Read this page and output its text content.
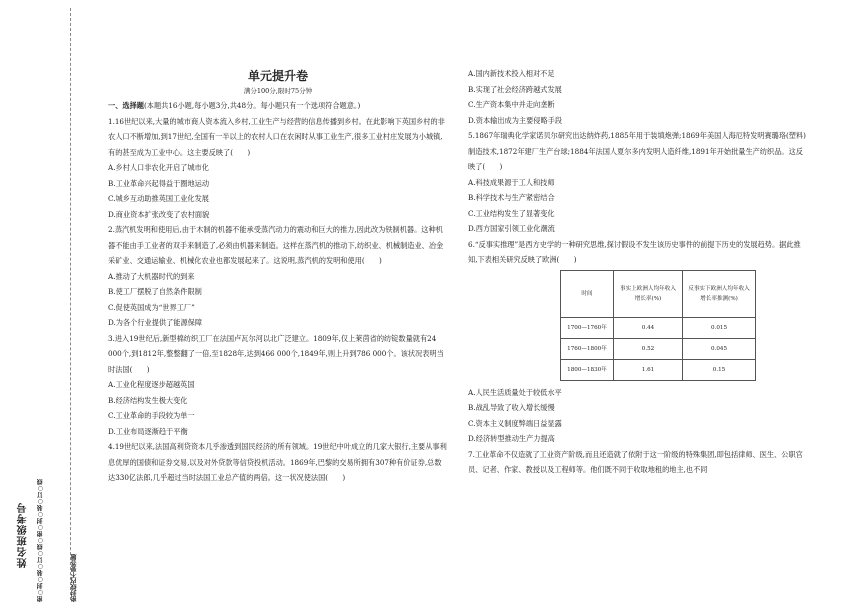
姓名班级考号	密○封○装○订○线○密○封○装○订○线	密封线内不要答题

单元提升卷

满分100分,限时75分钟

一、选择题(本题共16小题,每小题3分,共48分。每小题只有一个选项符合题意。)

1.16世纪以来,大量的城市商人资本流入乡村,工业生产与经营的信息传播到乡村。在此影响下英国乡村的非农人口不断增加,到17世纪,全国有一半以上的农村人口在农闲时从事工业生产,很多工业村庄发展为小城镇,有的甚至成为工业中心。这主要反映了(　　)

A.乡村人口非农化开启了城市化

B.工业革命兴起得益于圈地运动

C.城乡互动助推英国工业化发展

D.商业资本扩张改变了农村面貌

2.蒸汽机发明和使用后,由于木制的机器不能承受蒸汽动力的震动和巨大的推力,因此改为铁制机器。这种机器不能由手工业者的双手来制造了,必须由机器来制造。这样在蒸汽机的推动下,纺织业、机械制造业、冶金采矿业、交通运输业、机械化农业也都发展起来了。这说明,蒸汽机的发明和使用(　　)

A.推动了大机器时代的到来

B.使工厂摆脱了自然条件限制

C.促使英国成为“世界工厂”

D.为各个行业提供了能源保障

3.进入19世纪后,新型棉纺织工厂在法国卢瓦尔河以北广泛建立。1809年,仅上莱茵省的纺锭数量就有24 000个,到1812年,整整翻了一倍,至1828年,达到466 000个,1849年,则上升到786 000个。该状况表明当时法国(　　)

A.工业化程度逐步超越英国

B.经济结构发生极大变化

C.工业革命的手段较为单一

D.工业布局逐渐趋于平衡

4.19世纪以来,法国高利贷资本几乎渗透到国民经济的所有领域。19世纪中叶成立的几家大银行,主要从事利息优厚的国债和证券交易,以及对外贷款等信贷投机活动。1869年,巴黎的交易所拥有307种有价证券,总数达330亿法郎,几乎超过当时法国工业总产值的两倍。这一状况使法国(　　)

A.国内新技术投入相对不足

B.实现了社会经济跨越式发展

C.生产资本集中并走向垄断

D.资本输出成为主要侵略手段

5.1867年瑞典化学家诺贝尔研究出达纳炸药,1885年用于装填炮弹;1869年美国人海厄特发明赛璐珞(塑料)制造技术,1872年建厂生产台球;1884年法国人夏尔多内发明人造纤维,1891年开始批量生产纺织品。这反映了(　　)

A.科技成果源于工人和技师

B.科学技术与生产紧密结合

C.工业结构发生了显著变化

D.西方国家引领工业化潮流

6.“反事实推理”是西方史学的一种研究思维,探讨假设不发生该历史事件的前提下历史的发展趋势。据此推知,下表相关研究反映了欧洲(　　)

时间	事实上欧洲人均年收入增长率(%)	反事实下欧洲人均年收入增长率推测(%)
1700—1760年	0.44	0.015
1760—1800年	0.52	0.045
1800—1830年	1.61	0.15

A.人民生活质量处于较低水平

B.战乱导致了收入增长缓慢

C.资本主义制度弊端日益显露

D.经济转型推动生产力提高

7.工业革命不仅造就了工业资产阶级,而且还造就了依附于这一阶级的特殊集团,即包括律师、医生、公职官员、记者、作家、教授以及工程师等。他们既不同于收取地租的地主,也不同
